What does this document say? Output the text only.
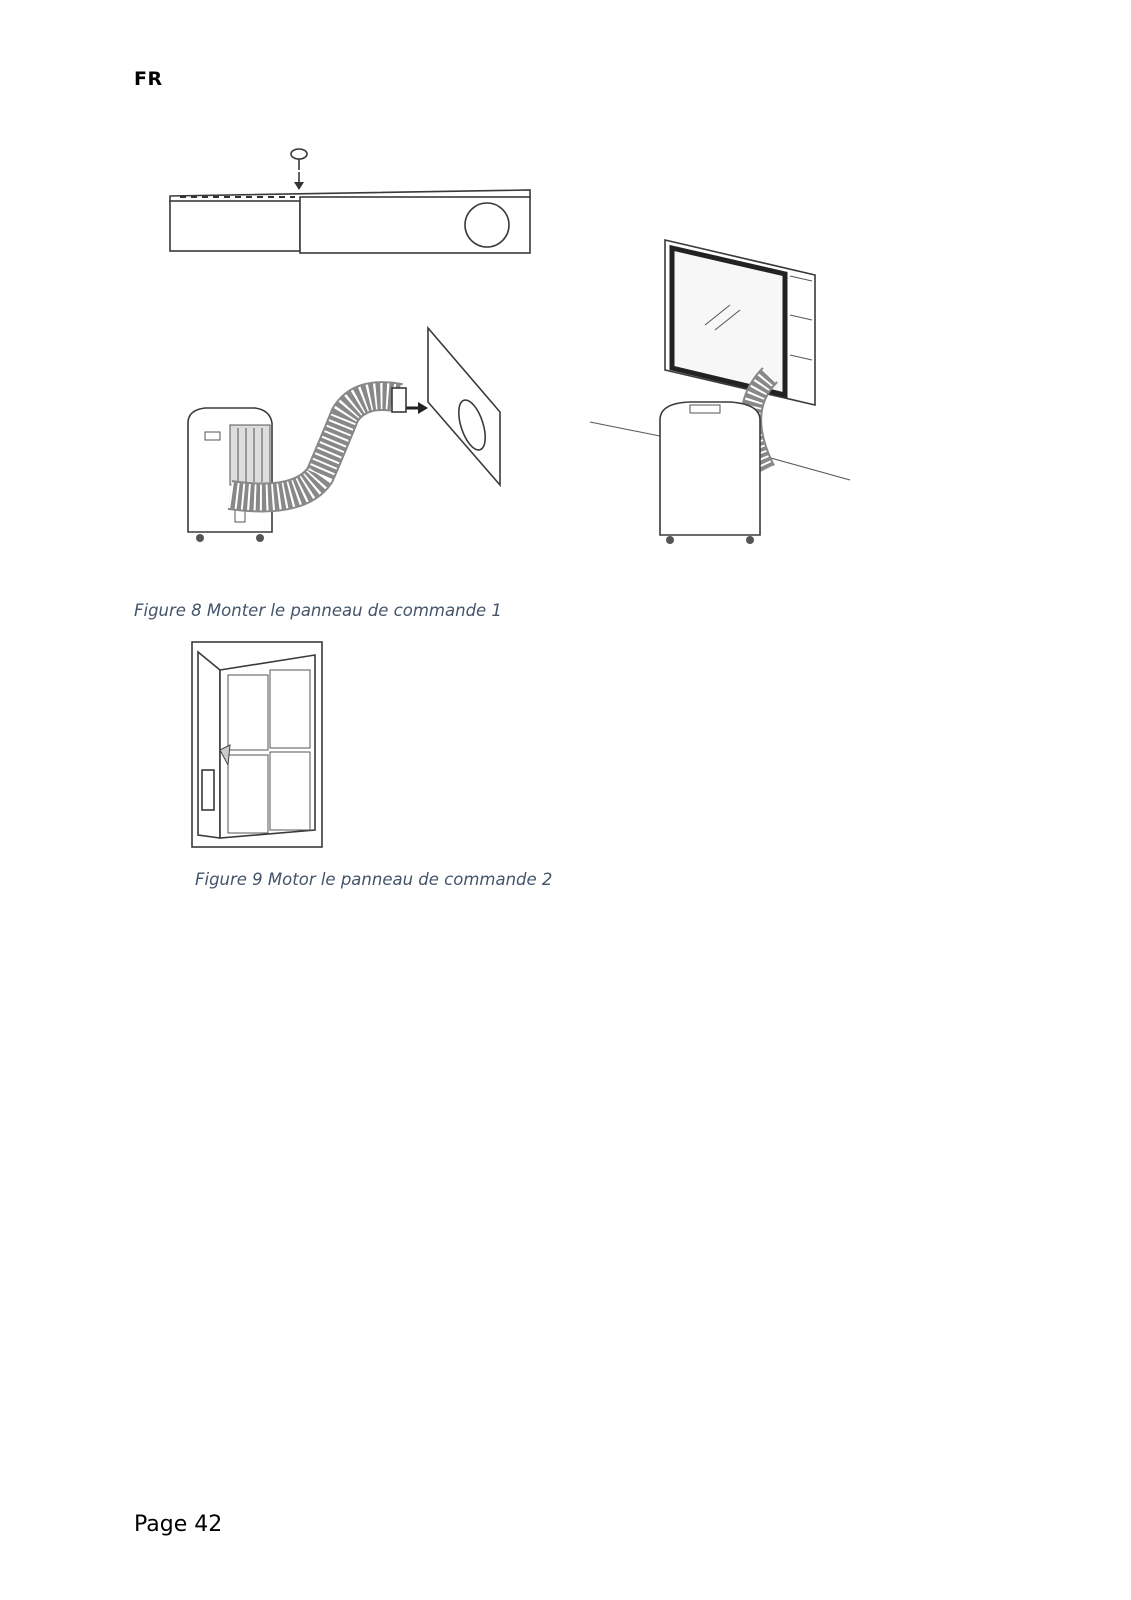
FR
Figure 8 Monter le panneau de commande 1
Figure 9 Motor le panneau de commande 2
Page 42
